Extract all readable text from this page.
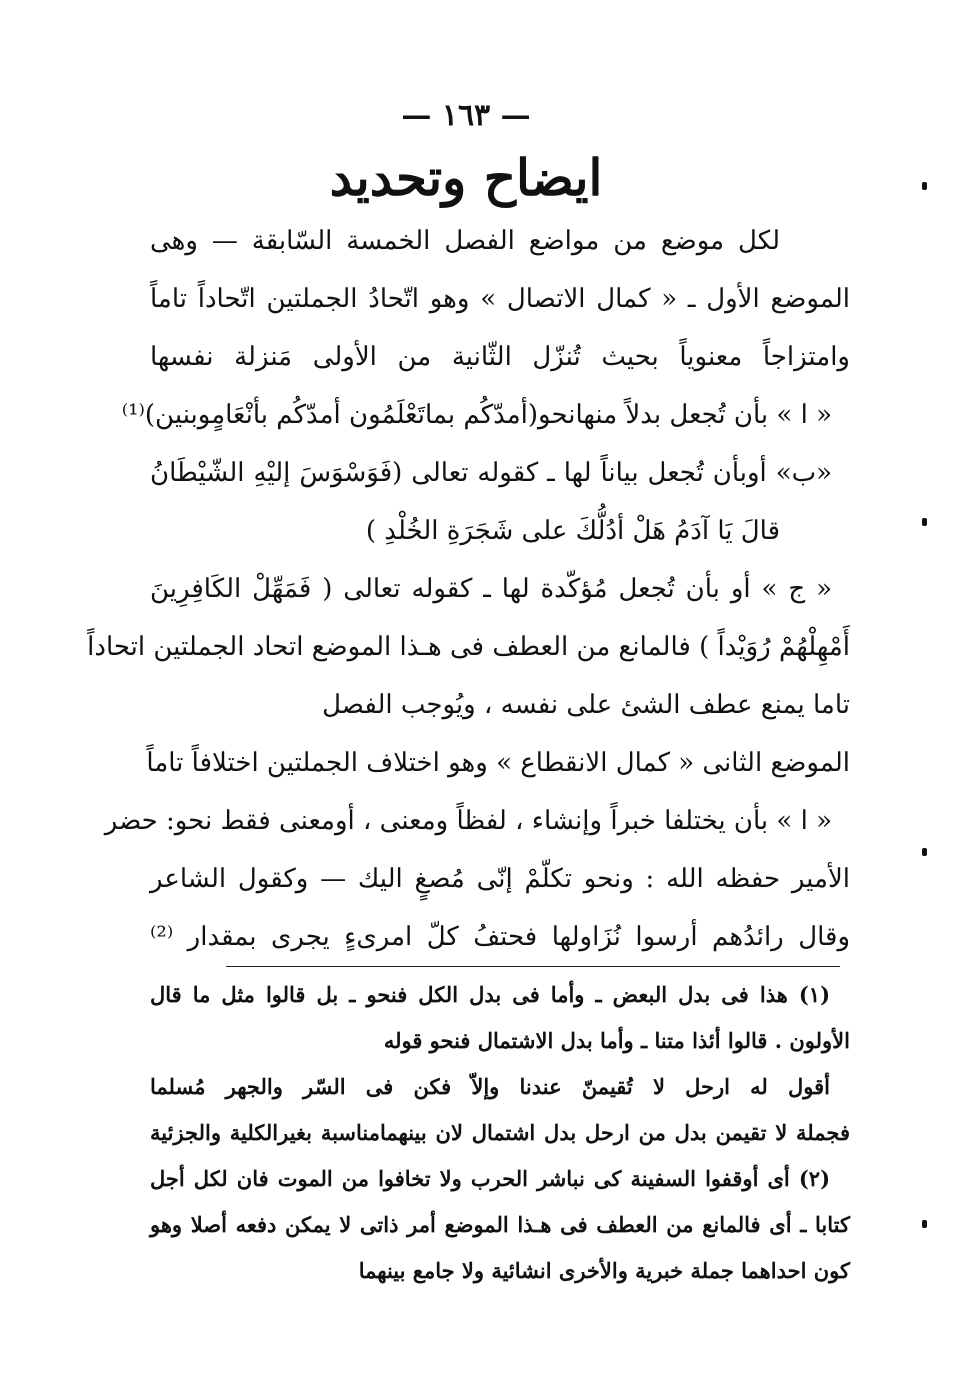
— ١٦٣ —
ايضاح وتحديد
لكل موضع من مواضع الفصل الخمسة السّابقة — وهى
الموضع الأول ـ « كمال الاتصال » وهو اتّحادُ الجملتين اتّحاداً تاماً
وامتزاجاً معنوياً بحيث تُنزّل الثّانية من الأولى مَنزلة نفسها
« ا » بأن تُجعل بدلاً منهانحو(أمدّكُم بماتَعْلَمُون أمدّكُم بأنْعَامٍوبنين)⁽¹⁾
«ب» أوبأن تُجعل بياناً لها ـ كقوله تعالى (فَوَسْوَسَ إليْهِ الشّيْطَانُ
قالَ يَا آدَمُ هَلْ أدُلُّكَ على شَجَرَةِ الخُلْدِ )
« ج » أو بأن تُجعل مُؤكّدة لها ـ كقوله تعالى ( فَمَهِّلْ الكَافِرِينَ
أَمْهِلْهُمْ رُوَيْداً ) فالمانع من العطف فى هـذا الموضع اتحاد الجملتين اتحاداً
تاما يمنع عطف الشئ على نفسه ، ويُوجب الفصل
الموضع الثانى « كمال الانقطاع » وهو اختلاف الجملتين اختلافاً تاماً
« ا » بأن يختلفا خبراً وإنشاء ، لفظاً ومعنى ، أومعنى فقط نحو: حضر
الأمير حفظه الله : ونحو تكلّمْ إنّى مُصغٍ اليك — وكقول الشاعر
وقال رائدُهم أرسوا نُزَاولها فحتفُ كلّ امرىءٍ يجرى بمقدار ⁽²⁾
(١) هذا فى بدل البعض ـ وأما فى بدل الكل فنحو ـ بل قالوا مثل ما قال
الأولون . قالوا أئذا متنا ـ وأما بدل الاشتمال فنحو قوله
أقول له ارحل لا تُقيمنّ عندنا وإلاّ فكن فى السّر والجهر مُسلما
فجملة لا تقيمن بدل من ارحل بدل اشتمال لان بينهمامناسبة بغيرالكلية والجزئية
(٢) أى أوقفوا السفينة كى نباشر الحرب ولا تخافوا من الموت فان لكل أجل
كتابا ـ أى فالمانع من العطف فى هـذا الموضع أمر ذاتى لا يمكن دفعه أصلا وهو
كون احداهما جملة خبرية والأخرى انشائية ولا جامع بينهما
